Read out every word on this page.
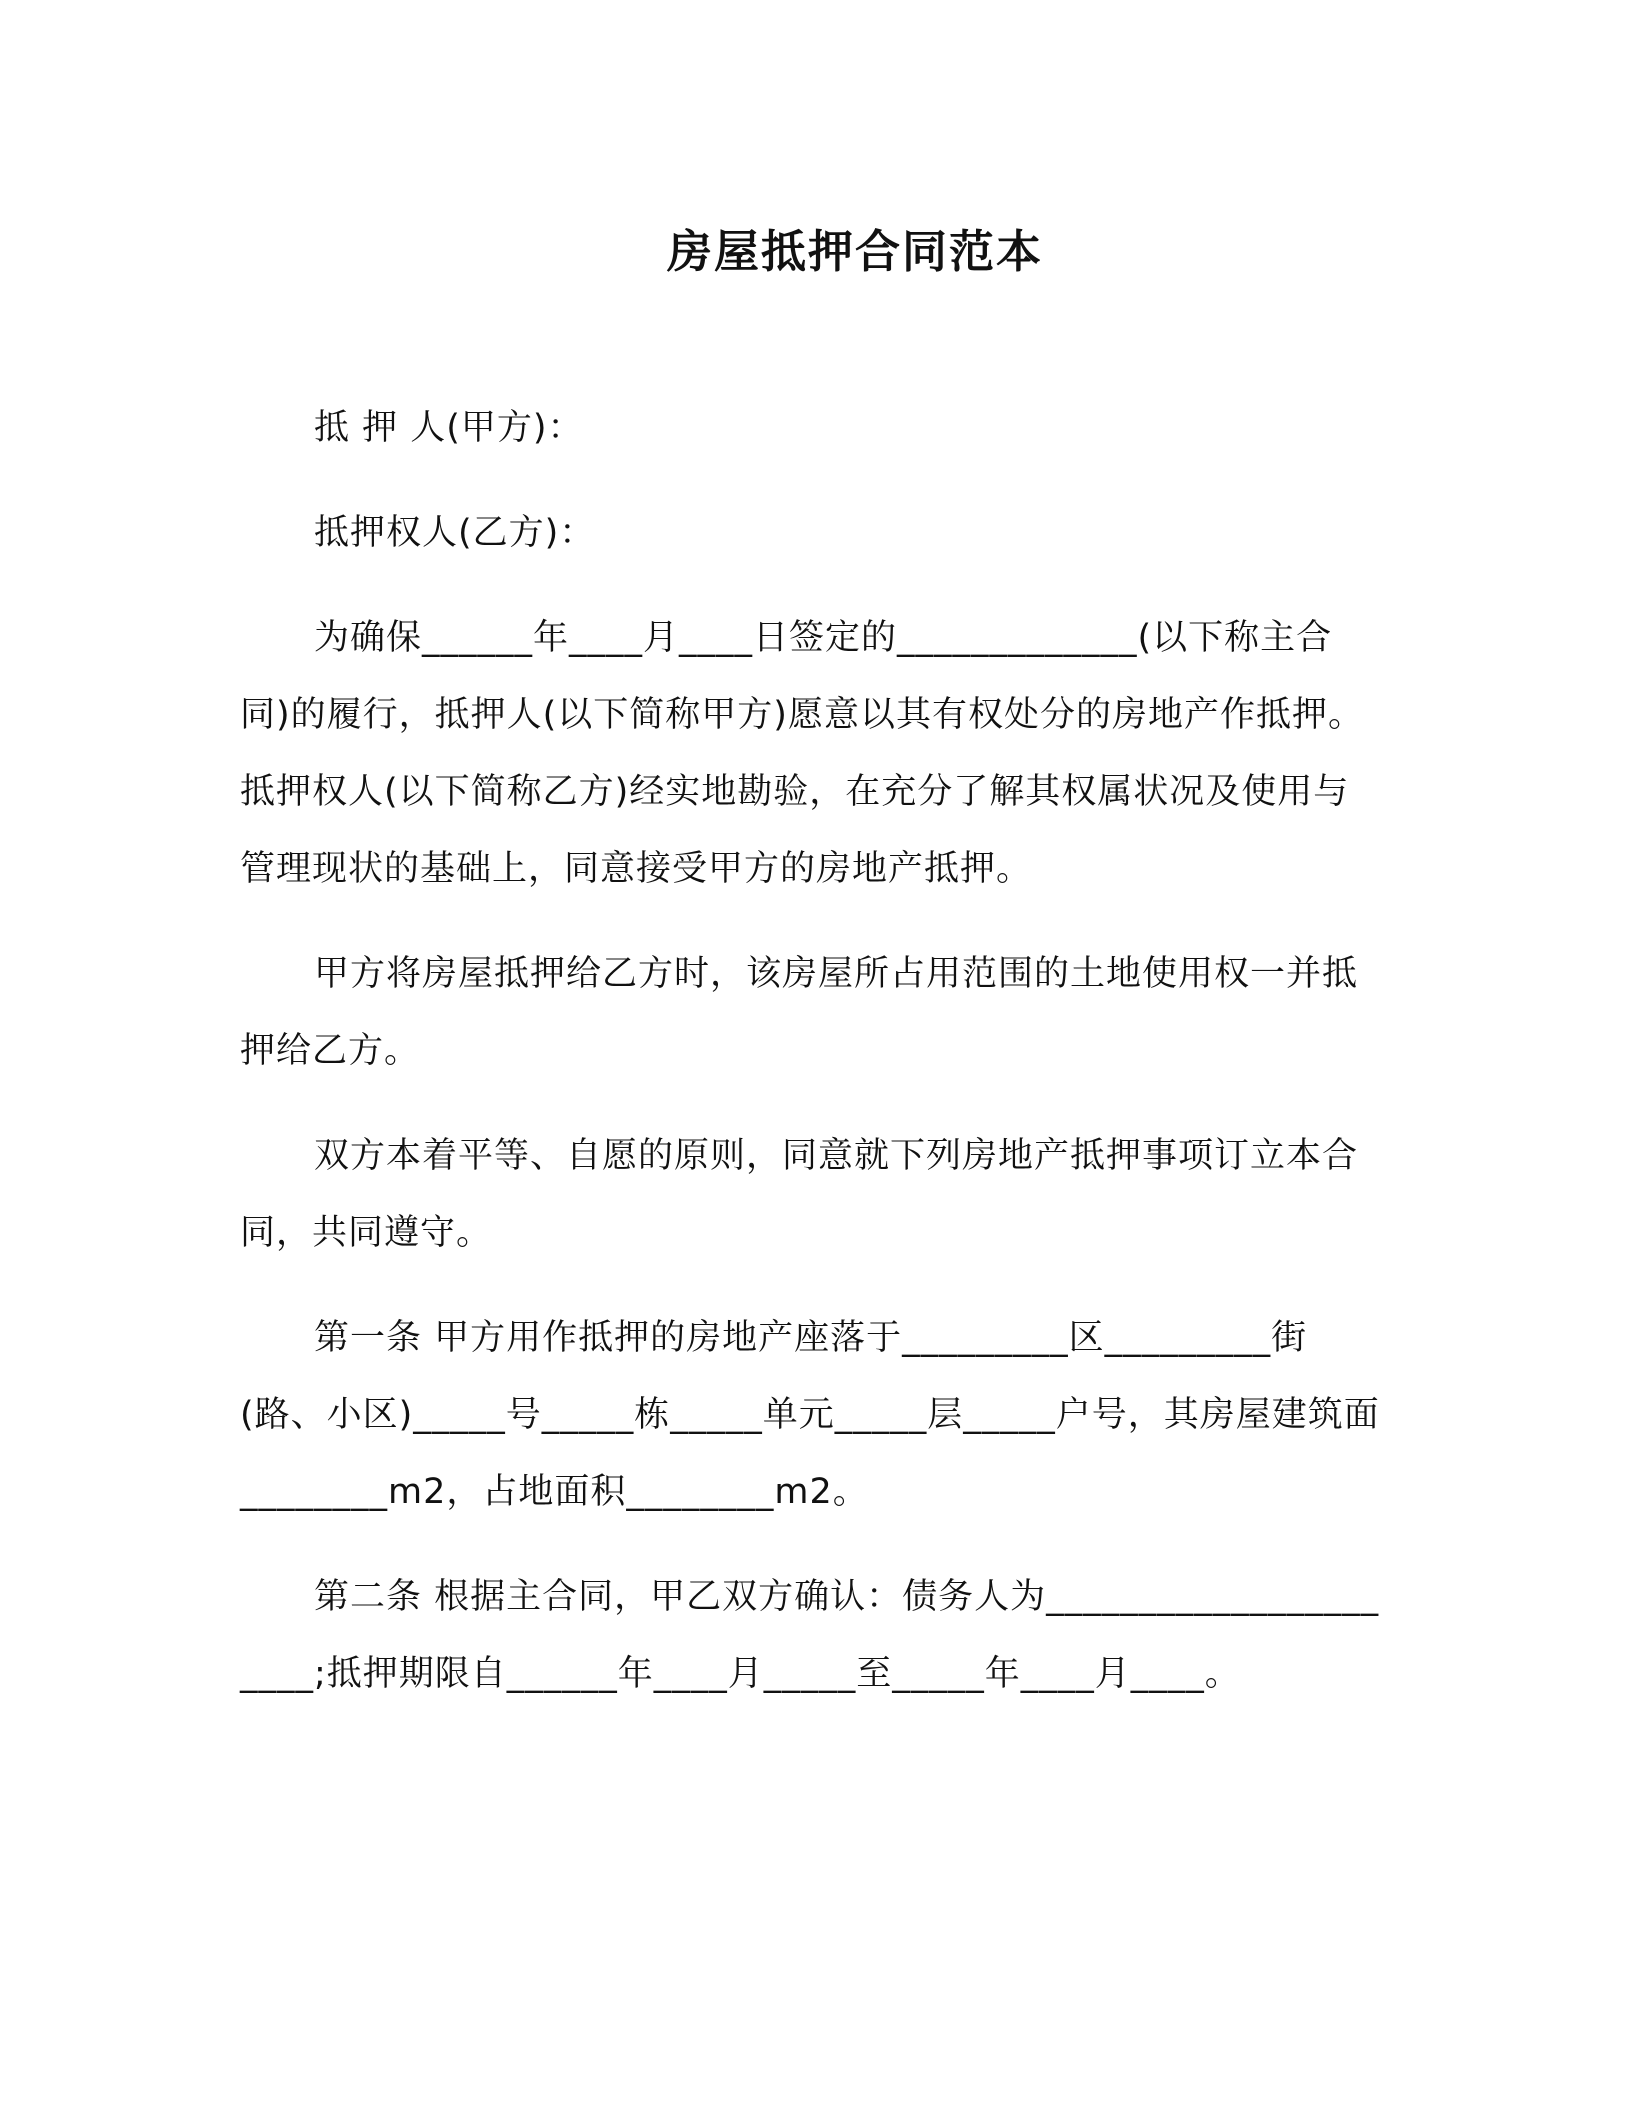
房屋抵押合同范本

抵 押 人(甲方)：

抵押权人(乙方)：

为确保______年____月____日签定的_____________(以下称主合同)的履行，抵押人(以下简称甲方)愿意以其有权处分的房地产作抵押。抵押权人(以下简称乙方)经实地勘验，在充分了解其权属状况及使用与管理现状的基础上，同意接受甲方的房地产抵押。

甲方将房屋抵押给乙方时，该房屋所占用范围的土地使用权一并抵押给乙方。

双方本着平等、自愿的原则，同意就下列房地产抵押事项订立本合同，共同遵守。

第一条 甲方用作抵押的房地产座落于_________区_________街(路、小区)_____号_____栋_____单元_____层_____户号，其房屋建筑面________m2，占地面积________m2。

第二条 根据主合同，甲乙双方确认：债务人为______________________;抵押期限自______年____月_____至_____年____月____。
